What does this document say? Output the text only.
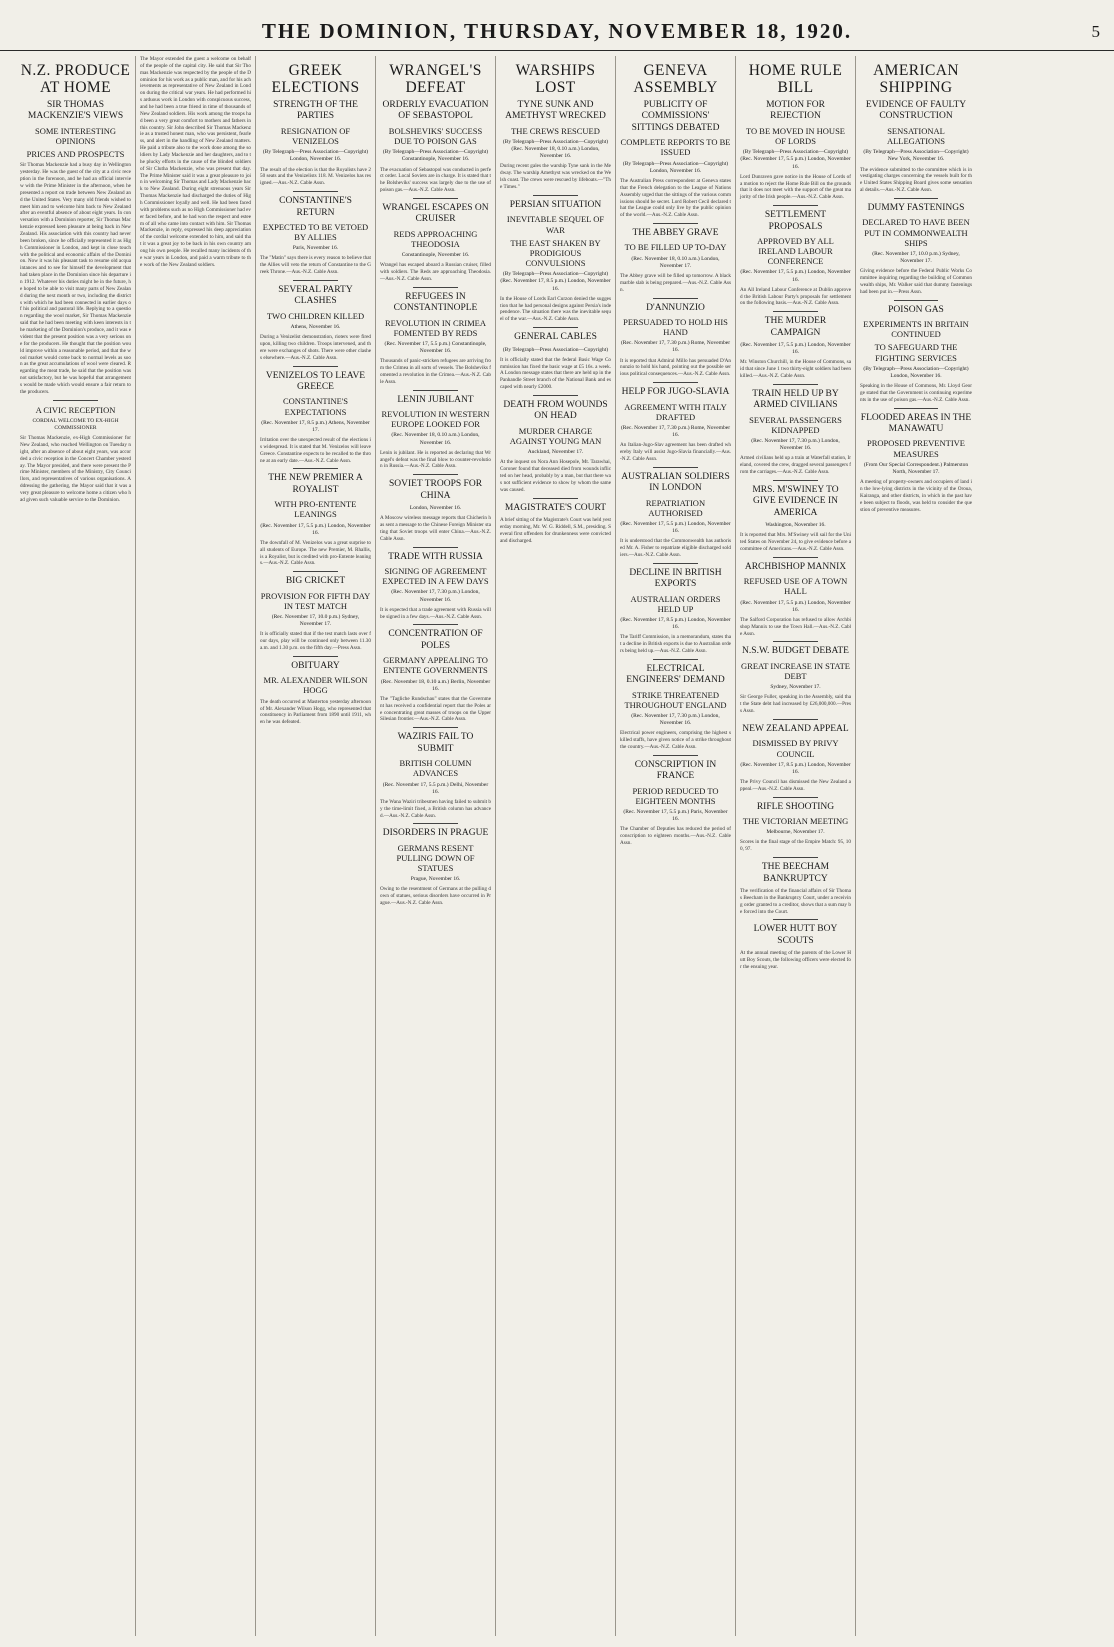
THE DOMINION, THURSDAY, NOVEMBER 18, 1920.	5
N.Z. PRODUCE AT HOME
SIR THOMAS MACKENZIE'S VIEWS
SOME INTERESTING OPINIONS
PRICES AND PROSPECTS
Sir Thomas Mackenzie had a busy day in Wellington yesterday. He was the guest of the city at a civic reception in the forenoon, and he had an official interview with the Prime Minister in the afternoon, when he presented a report on trade between New Zealand and the United States. Very many old friends wished to meet him and to welcome him back to New Zealand after an eventful absence of about eight years. In conversation with a Dominion reporter, Sir Thomas Mackenzie expressed keen pleasure at being back in New Zealand. His association with this country had never been broken, since he officially represented it as High Commissioner in London, and kept in close touch with the political and economic affairs of the Dominion. Now it was his pleasant task to resume old acquaintances and to see for himself the development that had taken place in the Dominion since his departure in 1912. Whatever his duties might be in the future, he hoped to be able to visit many parts of New Zealand during the next month or two, including the districts with which he had been connected in earlier days of his political and pastoral life. Replying to a question regarding the wool market, Sir Thomas Mackenzie said that he had been meeting with keen interests in the marketing of the Dominion's produce, and it was evident that the present position was a very serious one for the producers. He thought that the position would improve within a reasonable period, and that the wool market would come back to normal levels as soon as the great accumulations of wool were cleared. Regarding the meat trade, he said that the position was not satisfactory, but he was hopeful that arrangements would be made which would ensure a fair return to the producers.
A CIVIC RECEPTION
CORDIAL WELCOME TO EX-HIGH COMMISSIONER
Sir Thomas Mackenzie, ex-High Commissioner for New Zealand, who reached Wellington on Tuesday night, after an absence of about eight years, was accorded a civic reception in the Concert Chamber yesterday. The Mayor presided, and there were present the Prime Minister, members of the Ministry, City Councillors, and representatives of various organisations. Addressing the gathering, the Mayor said that it was a very great pleasure to welcome home a citizen who had given such valuable service to the Dominion.
The Mayor extended the guest a welcome on behalf of the people of the capital city. He said that Sir Thomas Mackenzie was respected by the people of the Dominion for his work as a public man, and for his achievements as representative of New Zealand in London during the critical war years. He had performed his arduous work in London with conspicuous success, and he had been a true friend in time of thousands of New Zealand soldiers. His work among the troops had been a very great comfort to mothers and fathers in this country. Sir John described Sir Thomas Mackenzie as a trusted honest man, who was persistent, fearless, and alert in the handling of New Zealand matters. He paid a tribute also to the work done among the soldiers by Lady Mackenzie and her daughters, and to the plucky efforts in the cause of the blinded soldiers of Sir Clutha Mackenzie, who was present that day. The Prime Minister said it was a great pleasure to join in welcoming Sir Thomas and Lady Mackenzie back to New Zealand. During eight strenuous years Sir Thomas Mackenzie had discharged the duties of High Commissioner loyally and well. He had been faced with problems such as no High Commissioner had ever faced before, and he had won the respect and esteem of all who came into contact with him. Sir Thomas Mackenzie, in reply, expressed his deep appreciation of the cordial welcome extended to him, and said that it was a great joy to be back in his own country among his own people. He recalled many incidents of the war years in London, and paid a warm tribute to the work of the New Zealand soldiers.
GREEK ELECTIONS
STRENGTH OF THE PARTIES
RESIGNATION OF VENIZELOS
(By Telegraph—Press Association—Copyright) London, November 16.
The result of the election is that the Royalists have 250 seats and the Venizelists 118. M. Venizelos has resigned.—Aus.-N.Z. Cable Assn.
CONSTANTINE'S RETURN
EXPECTED TO BE VETOED BY ALLIES
Paris, November 16.
The "Matin" says there is every reason to believe that the Allies will veto the return of Constantine to the Greek Throne.—Aus.-N.Z. Cable Assn.
SEVERAL PARTY CLASHES
TWO CHILDREN KILLED
Athens, November 16.
During a Venizelist demonstration, rioters were fired upon, killing two children. Troops intervened, and there were exchanges of shots. There were other clashes elsewhere.—Aus.-N.Z. Cable Assn.
VENIZELOS TO LEAVE GREECE
CONSTANTINE'S EXPECTATIONS
(Rec. November 17, 8.5 p.m.) Athens, November 17.
Irritation over the unexpected result of the elections is widespread. It is stated that M. Venizelos will leave Greece. Constantine expects to be recalled to the throne at an early date.—Aus.-N.Z. Cable Assn.
THE NEW PREMIER A ROYALIST
WITH PRO-ENTENTE LEANINGS
(Rec. November 17, 5.5 p.m.) London, November 16.
The downfall of M. Venizelos was a great surprise to all students of Europe. The new Premier, M. Rhallis, is a Royalist, but is credited with pro-Entente leanings.—Aus.-N.Z. Cable Assn.
BIG CRICKET
PROVISION FOR FIFTH DAY IN TEST MATCH
(Rec. November 17, 10.0 p.m.) Sydney, November 17.
It is officially stated that if the test match lasts over four days, play will be continued only between 11.30 a.m. and 1.30 p.m. on the fifth day.—Press Assn.
OBITUARY
MR. ALEXANDER WILSON HOGG
The death occurred at Masterton yesterday afternoon of Mr. Alexander Wilson Hogg, who represented that constituency in Parliament from 1890 until 1911, when he was defeated.
WRANGEL'S DEFEAT
ORDERLY EVACUATION OF SEBASTOPOL
BOLSHEVIKS' SUCCESS DUE TO POISON GAS
(By Telegraph—Press Association—Copyright) Constantinople, November 16.
The evacuation of Sebastopol was conducted in perfect order. Local Soviets are in charge. It is stated that the Bolsheviks' success was largely due to the use of poison gas.—Aus.-N.Z. Cable Assn.
WRANGEL ESCAPES ON CRUISER
REDS APPROACHING THEODOSIA
Constantinople, November 16.
Wrangel has escaped aboard a Russian cruiser, filled with soldiers. The Reds are approaching Theodosia.—Aus.-N.Z. Cable Assn.
REFUGEES IN CONSTANTINOPLE
REVOLUTION IN CRIMEA FOMENTED BY REDS
(Rec. November 17, 5.5 p.m.) Constantinople, November 16.
Thousands of panic-stricken refugees are arriving from the Crimea in all sorts of vessels. The Bolsheviks fomented a revolution in the Crimea.—Aus.-N.Z. Cable Assn.
LENIN JUBILANT
REVOLUTION IN WESTERN EUROPE LOOKED FOR
(Rec. November 18, 0.10 a.m.) London, November 16.
Lenin is jubilant. He is reported as declaring that Wrangel's defeat was the final blow to counter-revolution in Russia.—Aus.-N.Z. Cable Assn.
SOVIET TROOPS FOR CHINA
London, November 16.
A Moscow wireless message reports that Chicherin has sent a message to the Chinese Foreign Minister stating that Soviet troops will enter China.—Aus.-N.Z. Cable Assn.
TRADE WITH RUSSIA
SIGNING OF AGREEMENT EXPECTED IN A FEW DAYS
(Rec. November 17, 7.30 p.m.) London, November 16.
It is expected that a trade agreement with Russia will be signed in a few days.—Aus.-N.Z. Cable Assn.
CONCENTRATION OF POLES
GERMANY APPEALING TO ENTENTE GOVERNMENTS
(Rec. November 18, 0.10 a.m.) Berlin, November 16.
The "Tagliche Rundschau" states that the Government has received a confidential report that the Poles are concentrating great masses of troops on the Upper Silesian frontier.—Aus.-N.Z. Cable Assn.
WAZIRIS FAIL TO SUBMIT
BRITISH COLUMN ADVANCES
(Rec. November 17, 5.5 p.m.) Delhi, November 16.
The Wana Waziri tribesmen having failed to submit by the time-limit fixed, a British column has advanced.—Aus.-N.Z. Cable Assn.
DISORDERS IN PRAGUE
GERMANS RESENT PULLING DOWN OF STATUES
Prague, November 16.
Owing to the resentment of Germans at the pulling down of statues, serious disorders have occurred in Prague.—Aus.-N.Z. Cable Assn.
WARSHIPS LOST
TYNE SUNK AND AMETHYST WRECKED
THE CREWS RESCUED
(By Telegraph—Press Association—Copyright) (Rec. November 18, 0.10 a.m.) London, November 16.
During recent gales the warship Tyne sank in the Medway. The warship Amethyst was wrecked on the Welsh coast. The crews were rescued by lifeboats.—"The Times."
PERSIAN SITUATION
INEVITABLE SEQUEL OF WAR
THE EAST SHAKEN BY PRODIGIOUS CONVULSIONS
(By Telegraph—Press Association—Copyright) (Rec. November 17, 8.5 p.m.) London, November 16.
In the House of Lords Earl Curzon denied the suggestion that he had personal designs against Persia's independence. The situation there was the inevitable sequel of the war.—Aus.-N.Z. Cable Assn.
GENERAL CABLES
(By Telegraph—Press Association—Copyright)
It is officially stated that the federal Basic Wage Commission has fixed the basic wage at £5 16s. a week. A London message states that there are held up in the Panhandle Street branch of the National Bank and escaped with nearly £2000.
DEATH FROM WOUNDS ON HEAD
MURDER CHARGE AGAINST YOUNG MAN
Auckland, November 17.
At the inquest on Nora Ann Hosepole, Mt. Tarawhai, Coroner found that deceased died from wounds inflicted on her head, probably by a man, but that there was not sufficient evidence to show by whom the same was caused.
MAGISTRATE'S COURT
A brief sitting of the Magistrate's Court was held yesterday morning, Mr. W. G. Riddell, S.M., presiding. Several first offenders for drunkenness were convicted and discharged.
GENEVA ASSEMBLY
PUBLICITY OF COMMISSIONS' SITTINGS DEBATED
COMPLETE REPORTS TO BE ISSUED
(By Telegraph—Press Association—Copyright) London, November 16.
The Australian Press correspondent at Geneva states that the French delegation to the League of Nations Assembly urged that the sittings of the various commissions should be secret. Lord Robert Cecil declared that the League could only live by the public opinion of the world.—Aus.-N.Z. Cable Assn.
THE ABBEY GRAVE
TO BE FILLED UP TO-DAY
(Rec. November 18, 0.10 a.m.) London, November 17.
The Abbey grave will be filled up tomorrow. A black marble slab is being prepared.—Aus.-N.Z. Cable Assn.
D'ANNUNZIO
PERSUADED TO HOLD HIS HAND
(Rec. November 17, 7.30 p.m.) Rome, November 16.
It is reported that Admiral Millo has persuaded D'Annunzio to hold his hand, pointing out the possible serious political consequences.—Aus.-N.Z. Cable Assn.
HELP FOR JUGO-SLAVIA
AGREEMENT WITH ITALY DRAFTED
(Rec. November 17, 7.30 p.m.) Rome, November 16.
An Italian-Jugo-Slav agreement has been drafted whereby Italy will assist Jugo-Slavia financially.—Aus.-N.Z. Cable Assn.
AUSTRALIAN SOLDIERS IN LONDON
REPATRIATION AUTHORISED
(Rec. November 17, 5.5 p.m.) London, November 16.
It is understood that the Commonwealth has authorised Mr. A. Fisher to repatriate eligible discharged soldiers.—Aus.-N.Z. Cable Assn.
DECLINE IN BRITISH EXPORTS
AUSTRALIAN ORDERS HELD UP
(Rec. November 17, 8.5 p.m.) London, November 16.
The Tariff Commission, in a memorandum, states that a decline in British exports is due to Australian orders being held up.—Aus.-N.Z. Cable Assn.
ELECTRICAL ENGINEERS' DEMAND
STRIKE THREATENED THROUGHOUT ENGLAND
(Rec. November 17, 7.30 p.m.) London, November 16.
Electrical power engineers, comprising the highest skilled staffs, have given notice of a strike throughout the country.—Aus.-N.Z. Cable Assn.
CONSCRIPTION IN FRANCE
PERIOD REDUCED TO EIGHTEEN MONTHS
(Rec. November 17, 5.5 p.m.) Paris, November 16.
The Chamber of Deputies has reduced the period of conscription to eighteen months.—Aus.-N.Z. Cable Assn.
HOME RULE BILL
MOTION FOR REJECTION
TO BE MOVED IN HOUSE OF LORDS
(By Telegraph—Press Association—Copyright) (Rec. November 17, 5.5 p.m.) London, November 16.
Lord Dunraven gave notice in the House of Lords of a motion to reject the Home Rule Bill on the grounds that it does not meet with the support of the great majority of the Irish people.—Aus.-N.Z. Cable Assn.
SETTLEMENT PROPOSALS
APPROVED BY ALL IRELAND LABOUR CONFERENCE
(Rec. November 17, 5.5 p.m.) London, November 16.
An All Ireland Labour Conference at Dublin approved the British Labour Party's proposals for settlement on the following basis.—Aus.-N.Z. Cable Assn.
THE MURDER CAMPAIGN
(Rec. November 17, 5.5 p.m.) London, November 16.
Mr. Winston Churchill, in the House of Commons, said that since June 1 two thirty-eight soldiers had been killed.—Aus.-N.Z. Cable Assn.
TRAIN HELD UP BY ARMED CIVILIANS
SEVERAL PASSENGERS KIDNAPPED
(Rec. November 17, 7.30 p.m.) London, November 16.
Armed civilians held up a train at Waterfall station, Ireland, covered the crew, dragged several passengers from the carriages.—Aus.-N.Z. Cable Assn.
MRS. M'SWINEY TO GIVE EVIDENCE IN AMERICA
Washington, November 16.
It is reported that Mrs. M'Swiney will sail for the United States on November 24, to give evidence before a committee of Americans.—Aus.-N.Z. Cable Assn.
ARCHBISHOP MANNIX
REFUSED USE OF A TOWN HALL
(Rec. November 17, 5.5 p.m.) London, November 16.
The Salford Corporation has refused to allow Archbishop Mannix to use the Town Hall.—Aus.-N.Z. Cable Assn.
N.S.W. BUDGET DEBATE
GREAT INCREASE IN STATE DEBT
Sydney, November 17.
Sir George Fuller, speaking in the Assembly, said that the State debt had increased by £26,000,000.—Press Assn.
NEW ZEALAND APPEAL
DISMISSED BY PRIVY COUNCIL
(Rec. November 17, 8.5 p.m.) London, November 16.
The Privy Council has dismissed the New Zealand appeal.—Aus.-N.Z. Cable Assn.
RIFLE SHOOTING
THE VICTORIAN MEETING
Melbourne, November 17.
Scores in the final stage of the Empire Match: 95, 100, 97.
THE BEECHAM BANKRUPTCY
The verification of the financial affairs of Sir Thomas Beecham in the Bankruptcy Court, under a receiving order granted to a creditor, shows that a sum may be forced into the Court.
LOWER HUTT BOY SCOUTS
At the annual meeting of the parents of the Lower Hutt Boy Scouts, the following officers were elected for the ensuing year.
AMERICAN SHIPPING
EVIDENCE OF FAULTY CONSTRUCTION
SENSATIONAL ALLEGATIONS
(By Telegraph—Press Association—Copyright) New York, November 16.
The evidence submitted to the committee which is investigating charges concerning the vessels built for the United States Shipping Board gives some sensational details.—Aus.-N.Z. Cable Assn.
DUMMY FASTENINGS
DECLARED TO HAVE BEEN PUT IN COMMONWEALTH SHIPS
(Rec. November 17, 10.0 p.m.) Sydney, November 17.
Giving evidence before the Federal Public Works Committee inquiring regarding the building of Commonwealth ships, Mr. Walker said that dummy fastenings had been put in.—Press Assn.
POISON GAS
EXPERIMENTS IN BRITAIN CONTINUED
TO SAFEGUARD THE FIGHTING SERVICES
(By Telegraph—Press Association—Copyright) London, November 16.
Speaking in the House of Commons, Mr. Lloyd George stated that the Government is continuing experiments in the use of poison gas.—Aus.-N.Z. Cable Assn.
FLOODED AREAS IN THE MANAWATU
PROPOSED PREVENTIVE MEASURES
(From Our Special Correspondent.) Palmerston North, November 17.
A meeting of property-owners and occupiers of land in the low-lying districts in the vicinity of the Oroua, Kairanga, and other districts, in which in the past have been subject to floods, was held to consider the question of preventive measures.
